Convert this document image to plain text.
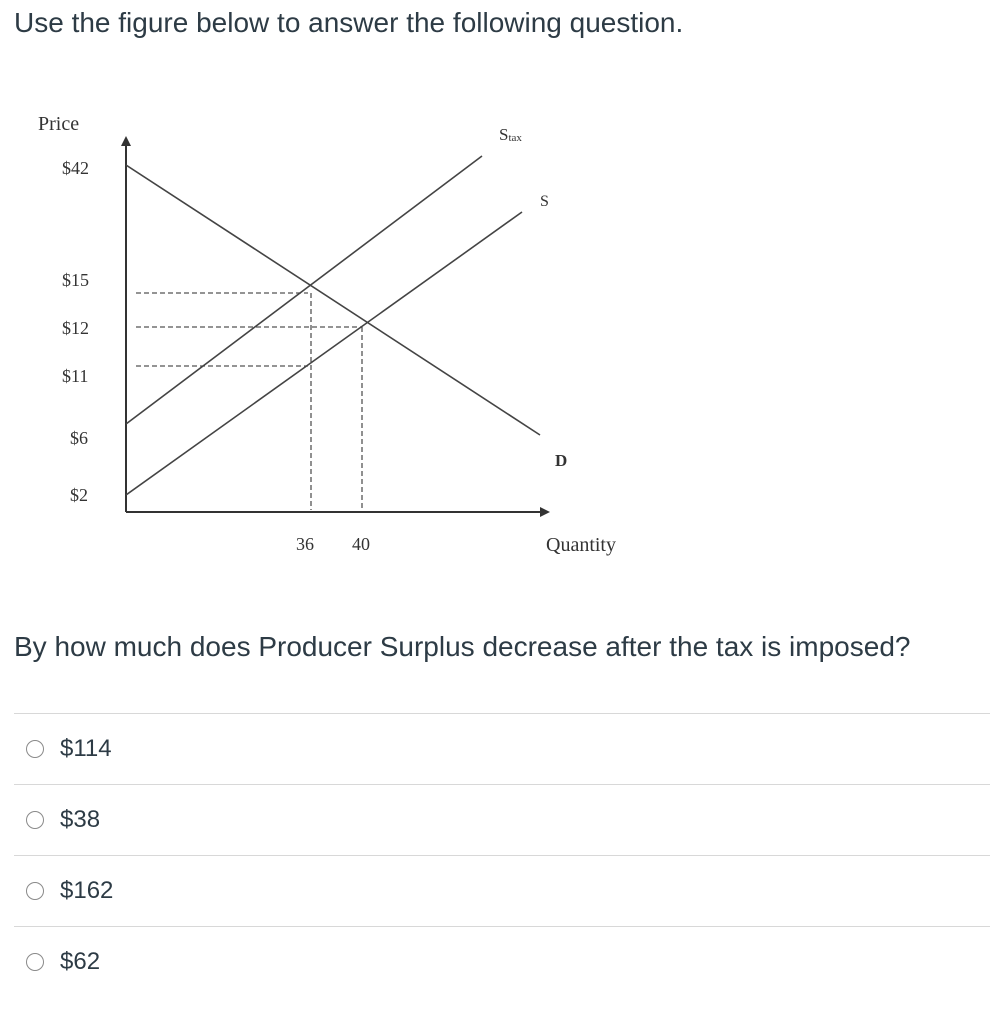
Use the figure below to answer the following question.
Price
Quantity
$42
$15
$12
$11
$6
$2
36 40
Stax
S
D
By how much does Producer Surplus decrease after the tax is imposed?
$114
$38
$162
$62
